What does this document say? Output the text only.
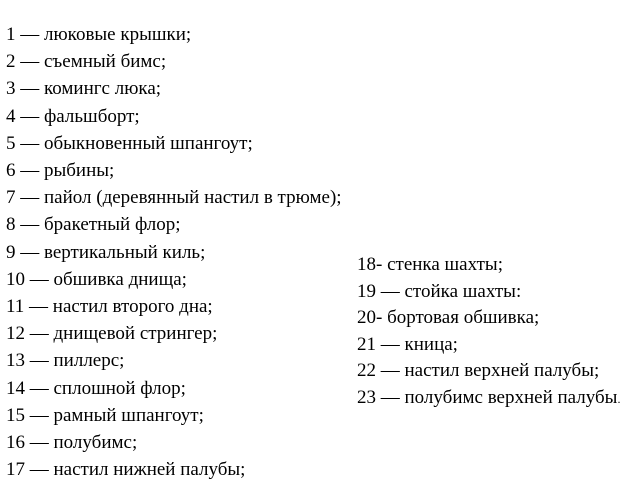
1 — люковые крышки;
2 — съемный бимс;
3 — комингс люка;
4 — фальшборт;
5 — обыкновенный шпангоут;
6 — рыбины;
7 — пайол (деревянный настил в трюме);
8 — бракетный флор;
9 — вертикальный киль;
10 — обшивка днища;
11 — настил второго дна;
12 — днищевой стрингер;
13 — пиллерс;
14 — сплошной флор;
15 — рамный шпангоут;
16 — полубимс;
17 — настил нижней палубы;
18- стенка шахты;
19 — стойка шахты:
20- бортовая обшивка;
21 — кница;
22 — настил верхней палубы;
23 — полубимс верхней палубы.
